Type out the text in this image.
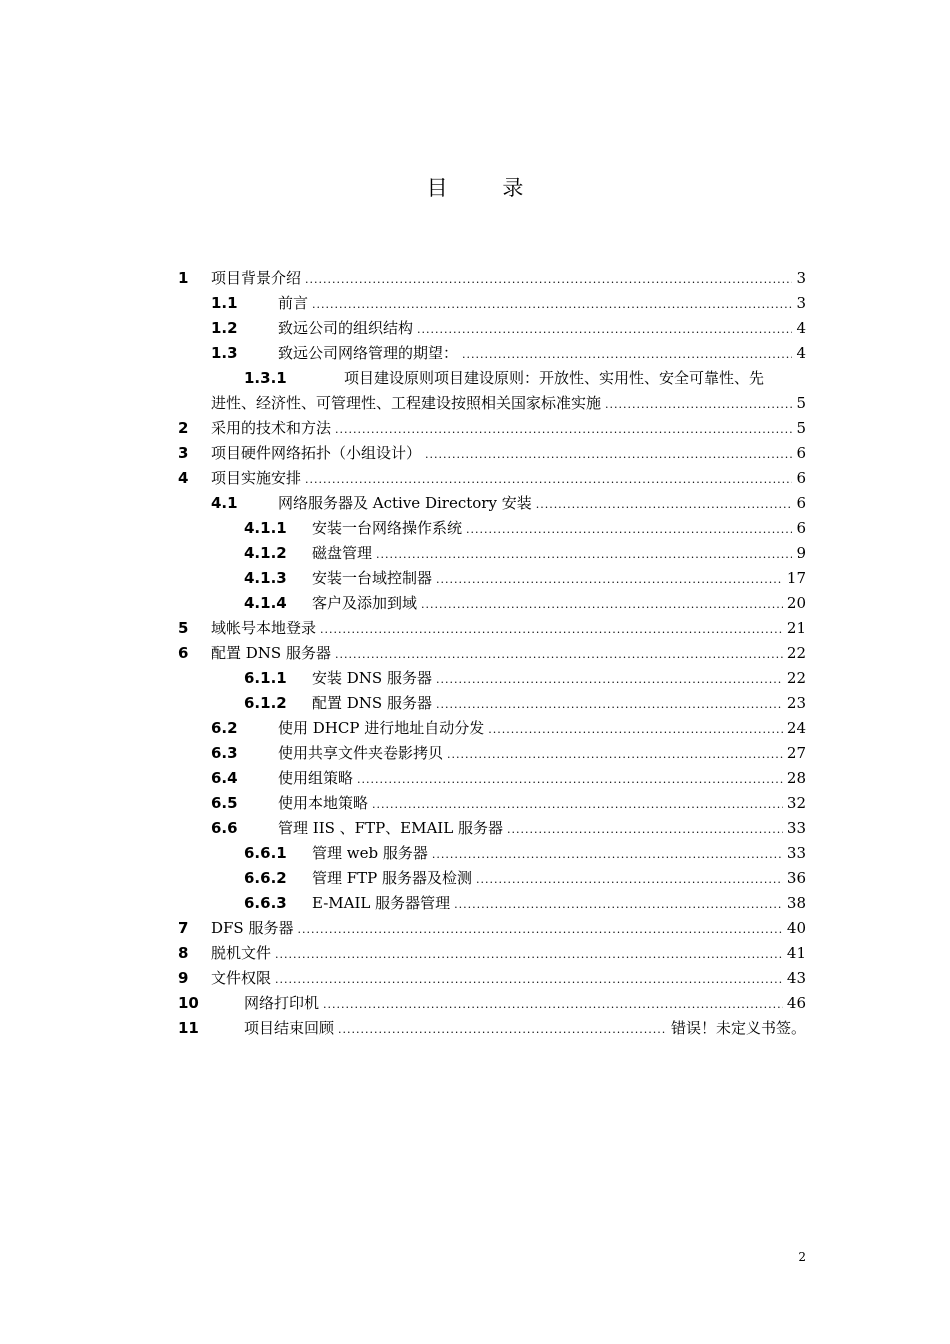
目 录
1 项目背景介绍 .....	3
1.1	前言 .....	3
1.2	致远公司的组织结构 .....	4
1.3	致远公司网络管理的期望： .....	4
1.3.1	项目建设原则项目建设原则：开放性、实用性、安全可靠性、先
进性、经济性、可管理性、工程建设按照相关国家标准实施 .....	5
2 采用的技术和方法 .....	5
3 项目硬件网络拓扑（小组设计） .....	6
4 项目实施安排 .....	6
4.1	网络服务器及 Active Directory 安装 .....	6
4.1.1 安装一台网络操作系统 .....	6
4.1.2 磁盘管理 .....	9
4.1.3 安装一台域控制器 .....	17
4.1.4 客户及添加到域 .....	20
5 域帐号本地登录 .....	21
6 配置 DNS 服务器 .....	22
6.1.1 安装 DNS 服务器 .....	22
6.1.2 配置 DNS 服务器 .....	23
6.2	使用 DHCP 进行地址自动分发 .....	24
6.3	使用共享文件夹卷影拷贝 .....	27
6.4	使用组策略 .....	28
6.5	使用本地策略 .....	32
6.6	管理 IIS 、FTP、EMAIL 服务器 .....	33
6.6.1 管理 web 服务器 .....	33
6.6.2 管理 FTP 服务器及检测 .....	36
6.6.3 E-MAIL 服务器管理 .....	38
7 DFS 服务器 .....	40
8 脱机文件 .....	41
9 文件权限 .....	43
10	网络打印机 .....	46
11	项目结束回顾 .....	错误！未定义书签。
2
